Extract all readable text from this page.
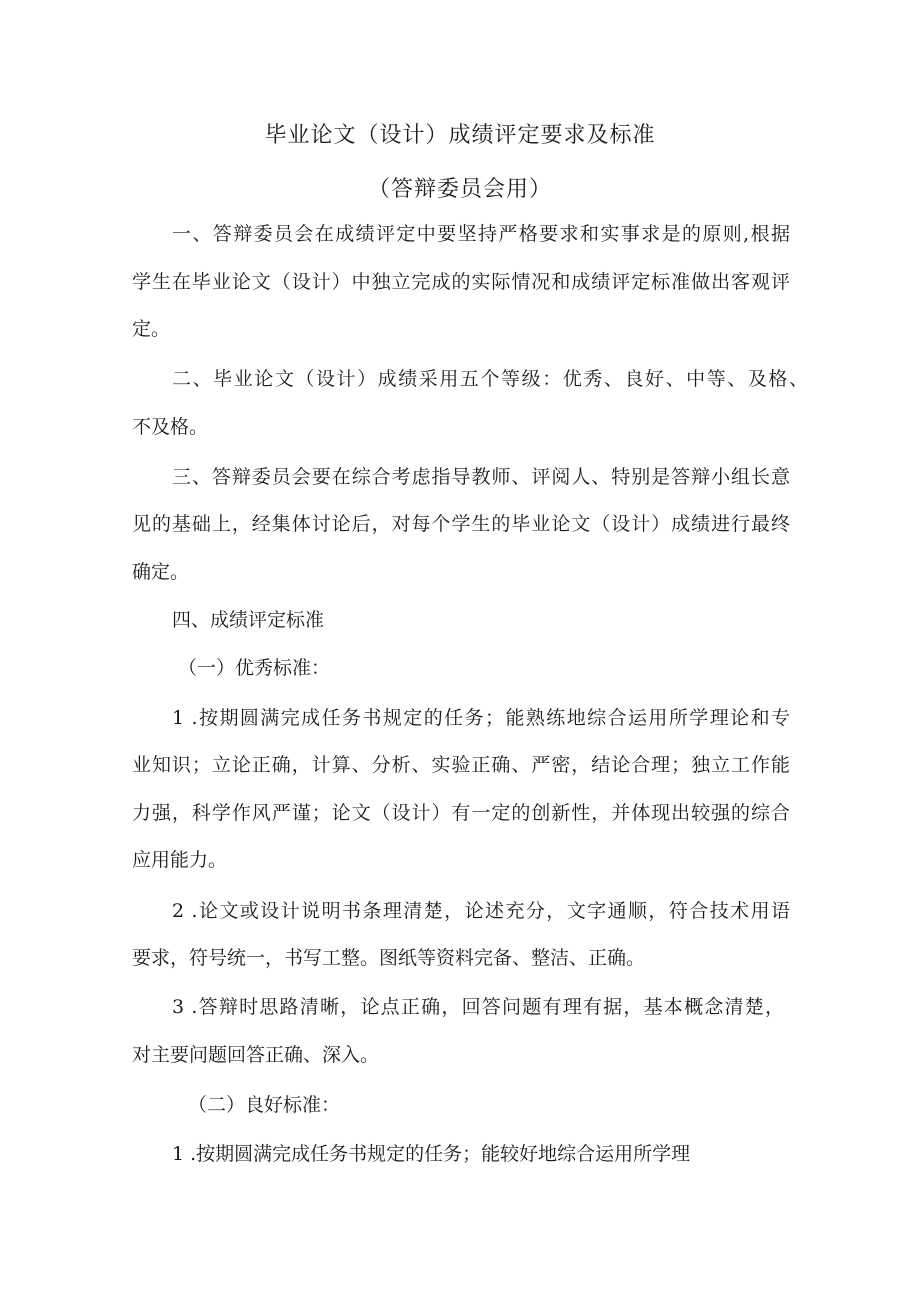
毕业论文（设计）成绩评定要求及标准
（答辩委员会用）
一、答辩委员会在成绩评定中要坚持严格要求和实事求是的原则,根据
学生在毕业论文（设计）中独立完成的实际情况和成绩评定标准做出客观评
定。
二、毕业论文（设计）成绩采用五个等级：优秀、良好、中等、及格、
不及格。
三、答辩委员会要在综合考虑指导教师、评阅人、特别是答辩小组长意
见的基础上，经集体讨论后，对每个学生的毕业论文（设计）成绩进行最终
确定。
四、成绩评定标准
（一）优秀标准：
1 .按期圆满完成任务书规定的任务；能熟练地综合运用所学理论和专
业知识；立论正确，计算、分析、实验正确、严密，结论合理；独立工作能
力强，科学作风严谨；论文（设计）有一定的创新性，并体现出较强的综合
应用能力。
2 .论文或设计说明书条理清楚，论述充分，文字通顺，符合技术用语
要求，符号统一，书写工整。图纸等资料完备、整洁、正确。
3 .答辩时思路清晰，论点正确，回答问题有理有据，基本概念清楚，
对主要问题回答正确、深入。
（二）良好标准：
1 .按期圆满完成任务书规定的任务；能较好地综合运用所学理
